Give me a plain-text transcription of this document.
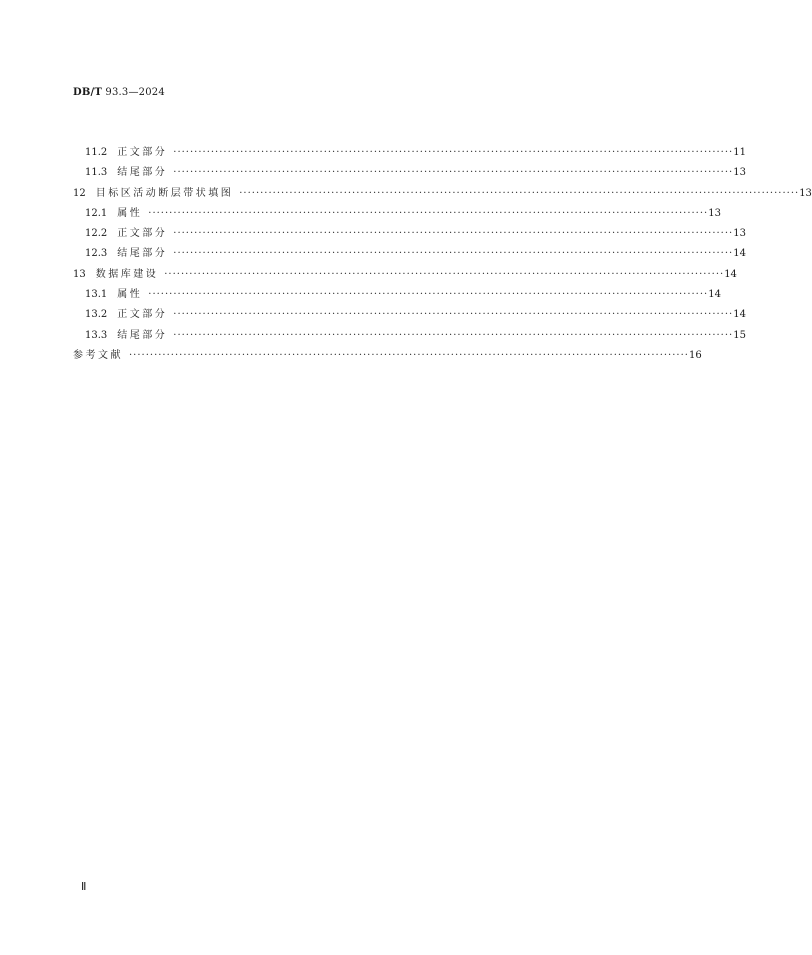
DB/T 93.3—2024
11.2 正文部分 ······································································································································ 11
11.3 结尾部分 ······································································································································ 13
12 目标区活动断层带状填图 ······································································································································ 13
12.1 属性 ······································································································································ 13
12.2 正文部分 ······································································································································ 13
12.3 结尾部分 ······································································································································ 14
13 数据库建设 ······································································································································ 14
13.1 属性 ······································································································································ 14
13.2 正文部分 ······································································································································ 14
13.3 结尾部分 ······································································································································ 15
参考文献 ······································································································································ 16
Ⅱ
